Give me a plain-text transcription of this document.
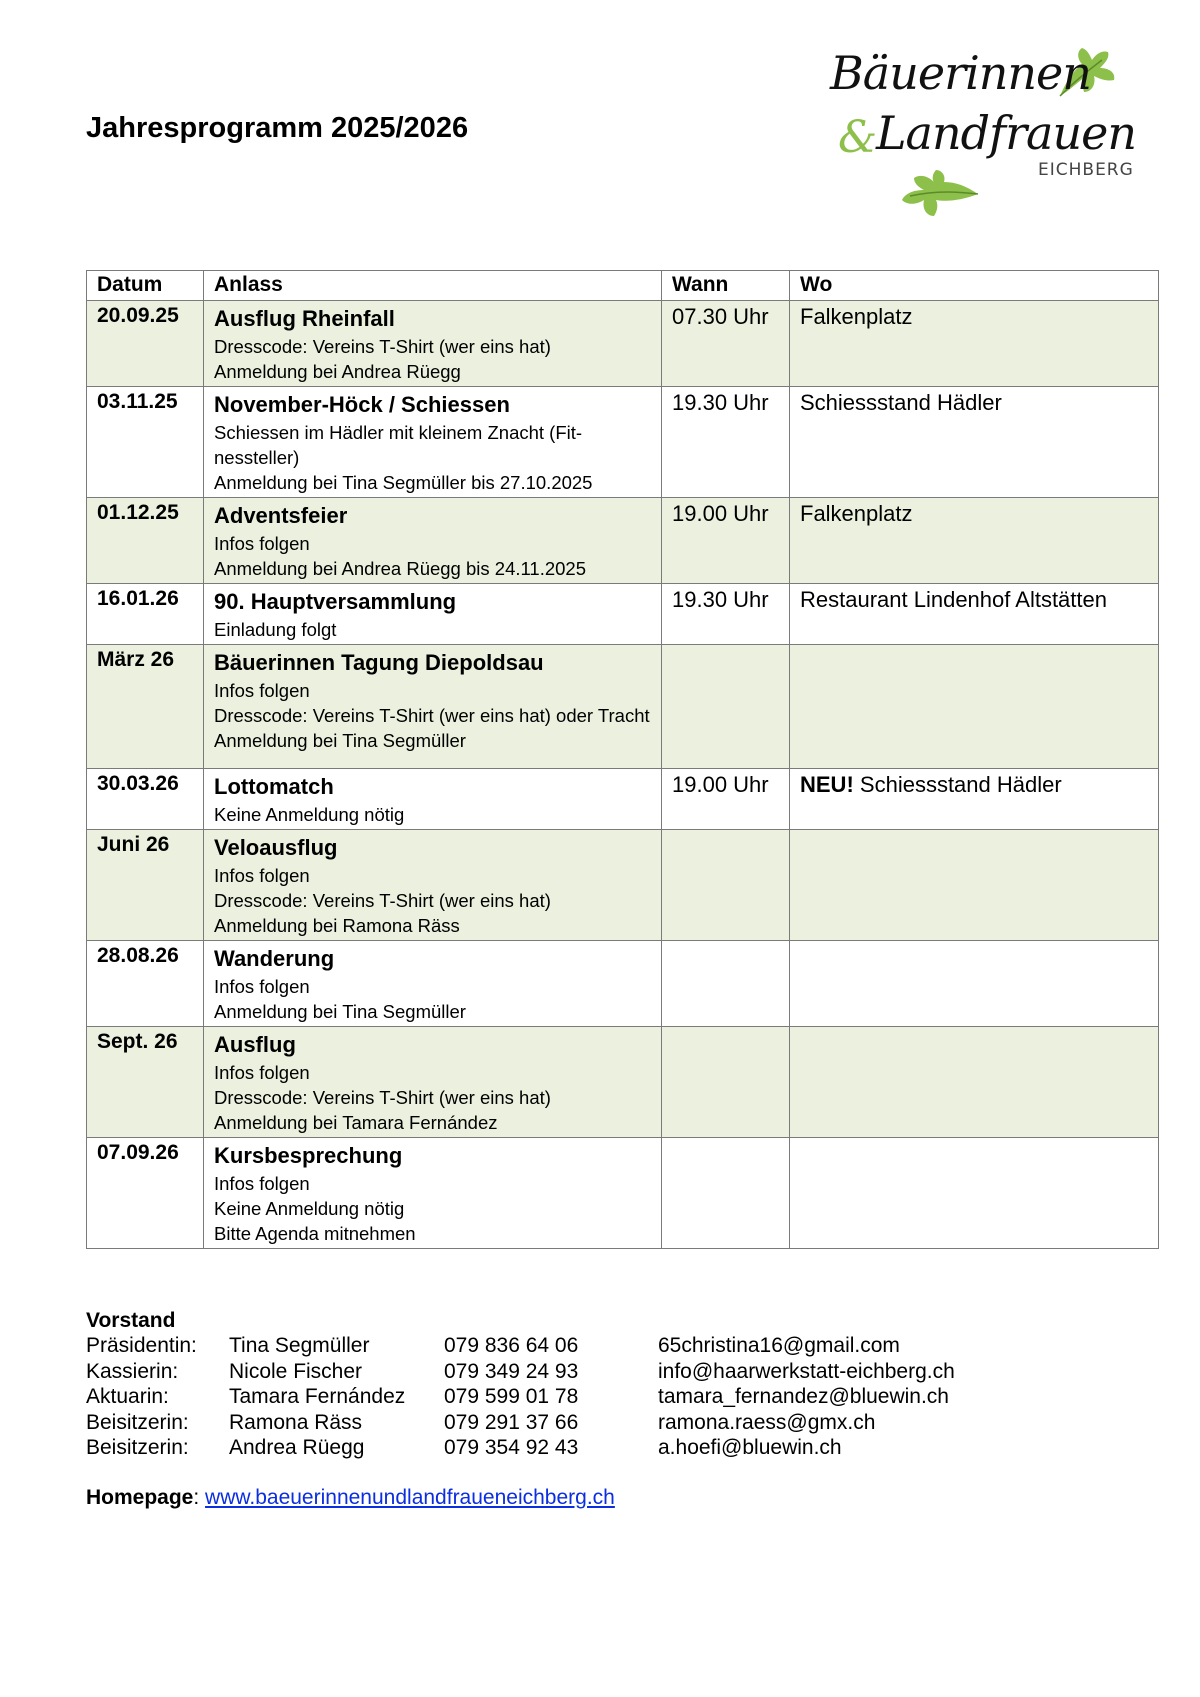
Jahresprogramm 2025/2026
Bäuerinnen
&
Landfrauen
EICHBERG
Datum	Anlass	Wann	Wo
20.09.25	Ausflug Rheinfall
Dresscode: Vereins T-Shirt (wer eins hat)
Anmeldung bei Andrea Rüegg	07.30 Uhr	Falkenplatz
03.11.25	November-Höck / Schiessen
Schiessen im Hädler mit kleinem Znacht (Fit-nessteller)
Anmeldung bei Tina Segmüller bis 27.10.2025	19.30 Uhr	Schiessstand Hädler
01.12.25	Adventsfeier
Infos folgen
Anmeldung bei Andrea Rüegg bis 24.11.2025	19.00 Uhr	Falkenplatz
16.01.26	90. Hauptversammlung
Einladung folgt	19.30 Uhr	Restaurant Lindenhof Altstätten
März 26	Bäuerinnen Tagung Diepoldsau
Infos folgen
Dresscode: Vereins T-Shirt (wer eins hat) oder Tracht
Anmeldung bei Tina Segmüller		

30.03.26	Lottomatch
Keine Anmeldung nötig	19.00 Uhr	NEU! Schiessstand Hädler
Juni 26	Veloausflug
Infos folgen
Dresscode: Vereins T-Shirt (wer eins hat)
Anmeldung bei Ramona Räss		

28.08.26	Wanderung
Infos folgen
Anmeldung bei Tina Segmüller		

Sept. 26	Ausflug
Infos folgen
Dresscode: Vereins T-Shirt (wer eins hat)
Anmeldung bei Tamara Fernández		

07.09.26	Kursbesprechung
Infos folgen
Keine Anmeldung nötig
Bitte Agenda mitnehmen		

Vorstand
Präsidentin: Tina Segmüller	079 836 64 06	65christina16@gmail.com
Kassierin: Nicole Fischer	079 349 24 93	info@haarwerkstatt-eichberg.ch
Aktuarin:	Tamara Fernández 079 599 01 78	tamara_fernandez@bluewin.ch
Beisitzerin: Ramona Räss	079 291 37 66	ramona.raess@gmx.ch
Beisitzerin: Andrea Rüegg	079 354 92 43	a.hoefi@bluewin.ch
Homepage: www.baeuerinnenundlandfraueneichberg.ch
